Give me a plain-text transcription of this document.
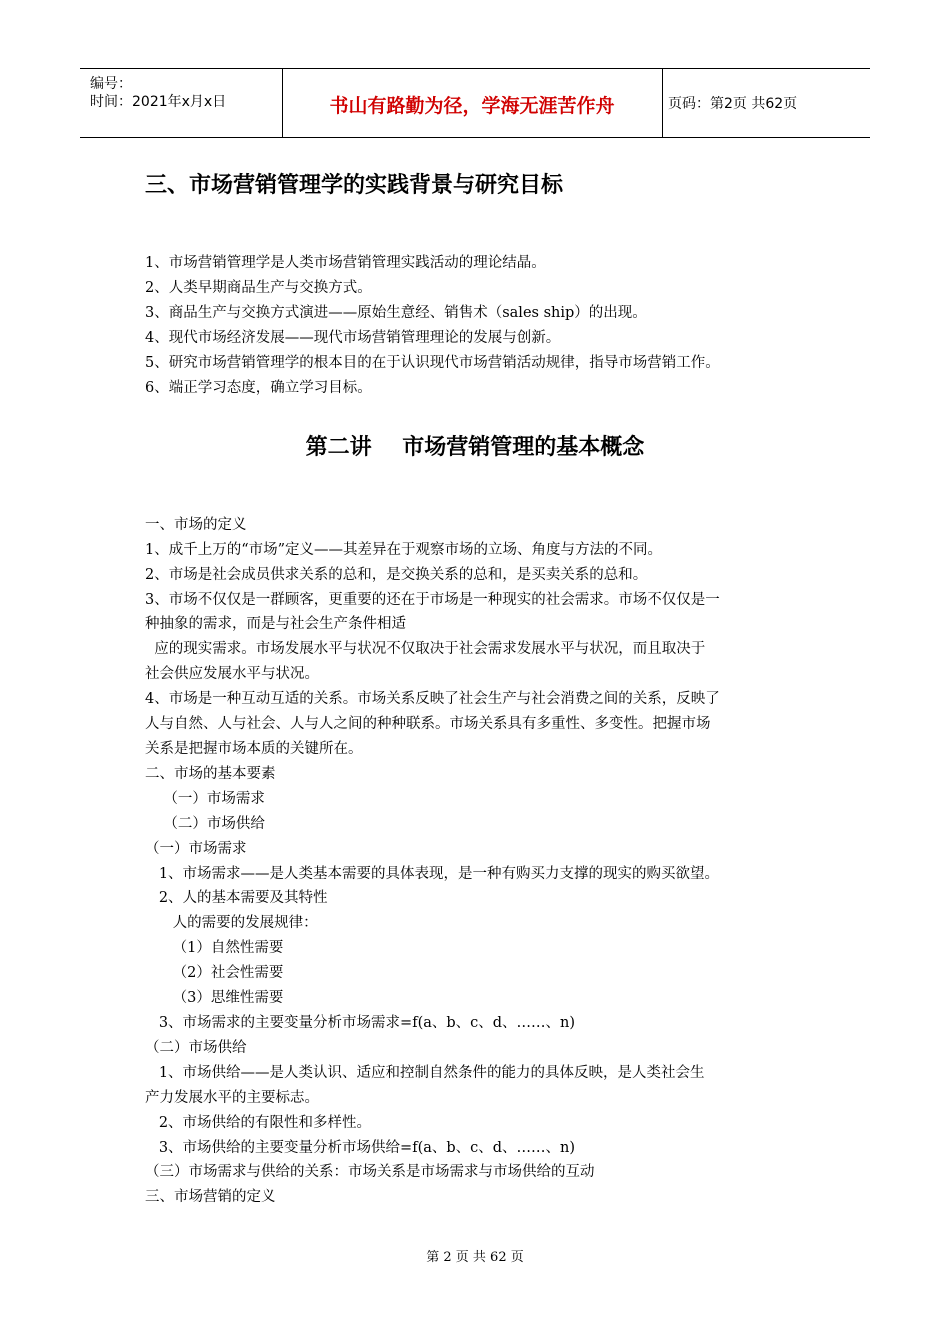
编号：
时间：2021年x月x日	书山有路勤为径，学海无涯苦作舟	页码：第2页 共62页
三、市场营销管理学的实践背景与研究目标
1、市场营销管理学是人类市场营销管理实践活动的理论结晶。
2、人类早期商品生产与交换方式。
3、商品生产与交换方式演进——原始生意经、销售术（sales ship）的出现。
4、现代市场经济发展——现代市场营销管理理论的发展与创新。
5、研究市场营销管理学的根本目的在于认识现代市场营销活动规律，指导市场营销工作。
6、端正学习态度，确立学习目标。
第二讲    市场营销管理的基本概念
一、市场的定义
1、成千上万的“市场”定义——其差异在于观察市场的立场、角度与方法的不同。
2、市场是社会成员供求关系的总和，是交换关系的总和，是买卖关系的总和。
3、市场不仅仅是一群顾客，更重要的还在于市场是一种现实的社会需求。市场不仅仅是一
种抽象的需求，而是与社会生产条件相适
应的现实需求。市场发展水平与状况不仅取决于社会需求发展水平与状况，而且取决于
社会供应发展水平与状况。
4、市场是一种互动互适的关系。市场关系反映了社会生产与社会消费之间的关系，反映了
人与自然、人与社会、人与人之间的种种联系。市场关系具有多重性、多变性。把握市场
关系是把握市场本质的关键所在。
二、市场的基本要素
（一）市场需求
（二）市场供给
（一）市场需求
1、市场需求——是人类基本需要的具体表现，是一种有购买力支撑的现实的购买欲望。
2、人的基本需要及其特性
人的需要的发展规律：
（1）自然性需要
（2）社会性需要
（3）思维性需要
3、市场需求的主要变量分析市场需求=f(a、b、c、d、……、n)
（二）市场供给
1、市场供给——是人类认识、适应和控制自然条件的能力的具体反映，是人类社会生
产力发展水平的主要标志。
2、市场供给的有限性和多样性。
3、市场供给的主要变量分析市场供给=f(a、b、c、d、……、n)
（三）市场需求与供给的关系：市场关系是市场需求与市场供给的互动
三、市场营销的定义
第 2 页 共 62 页
